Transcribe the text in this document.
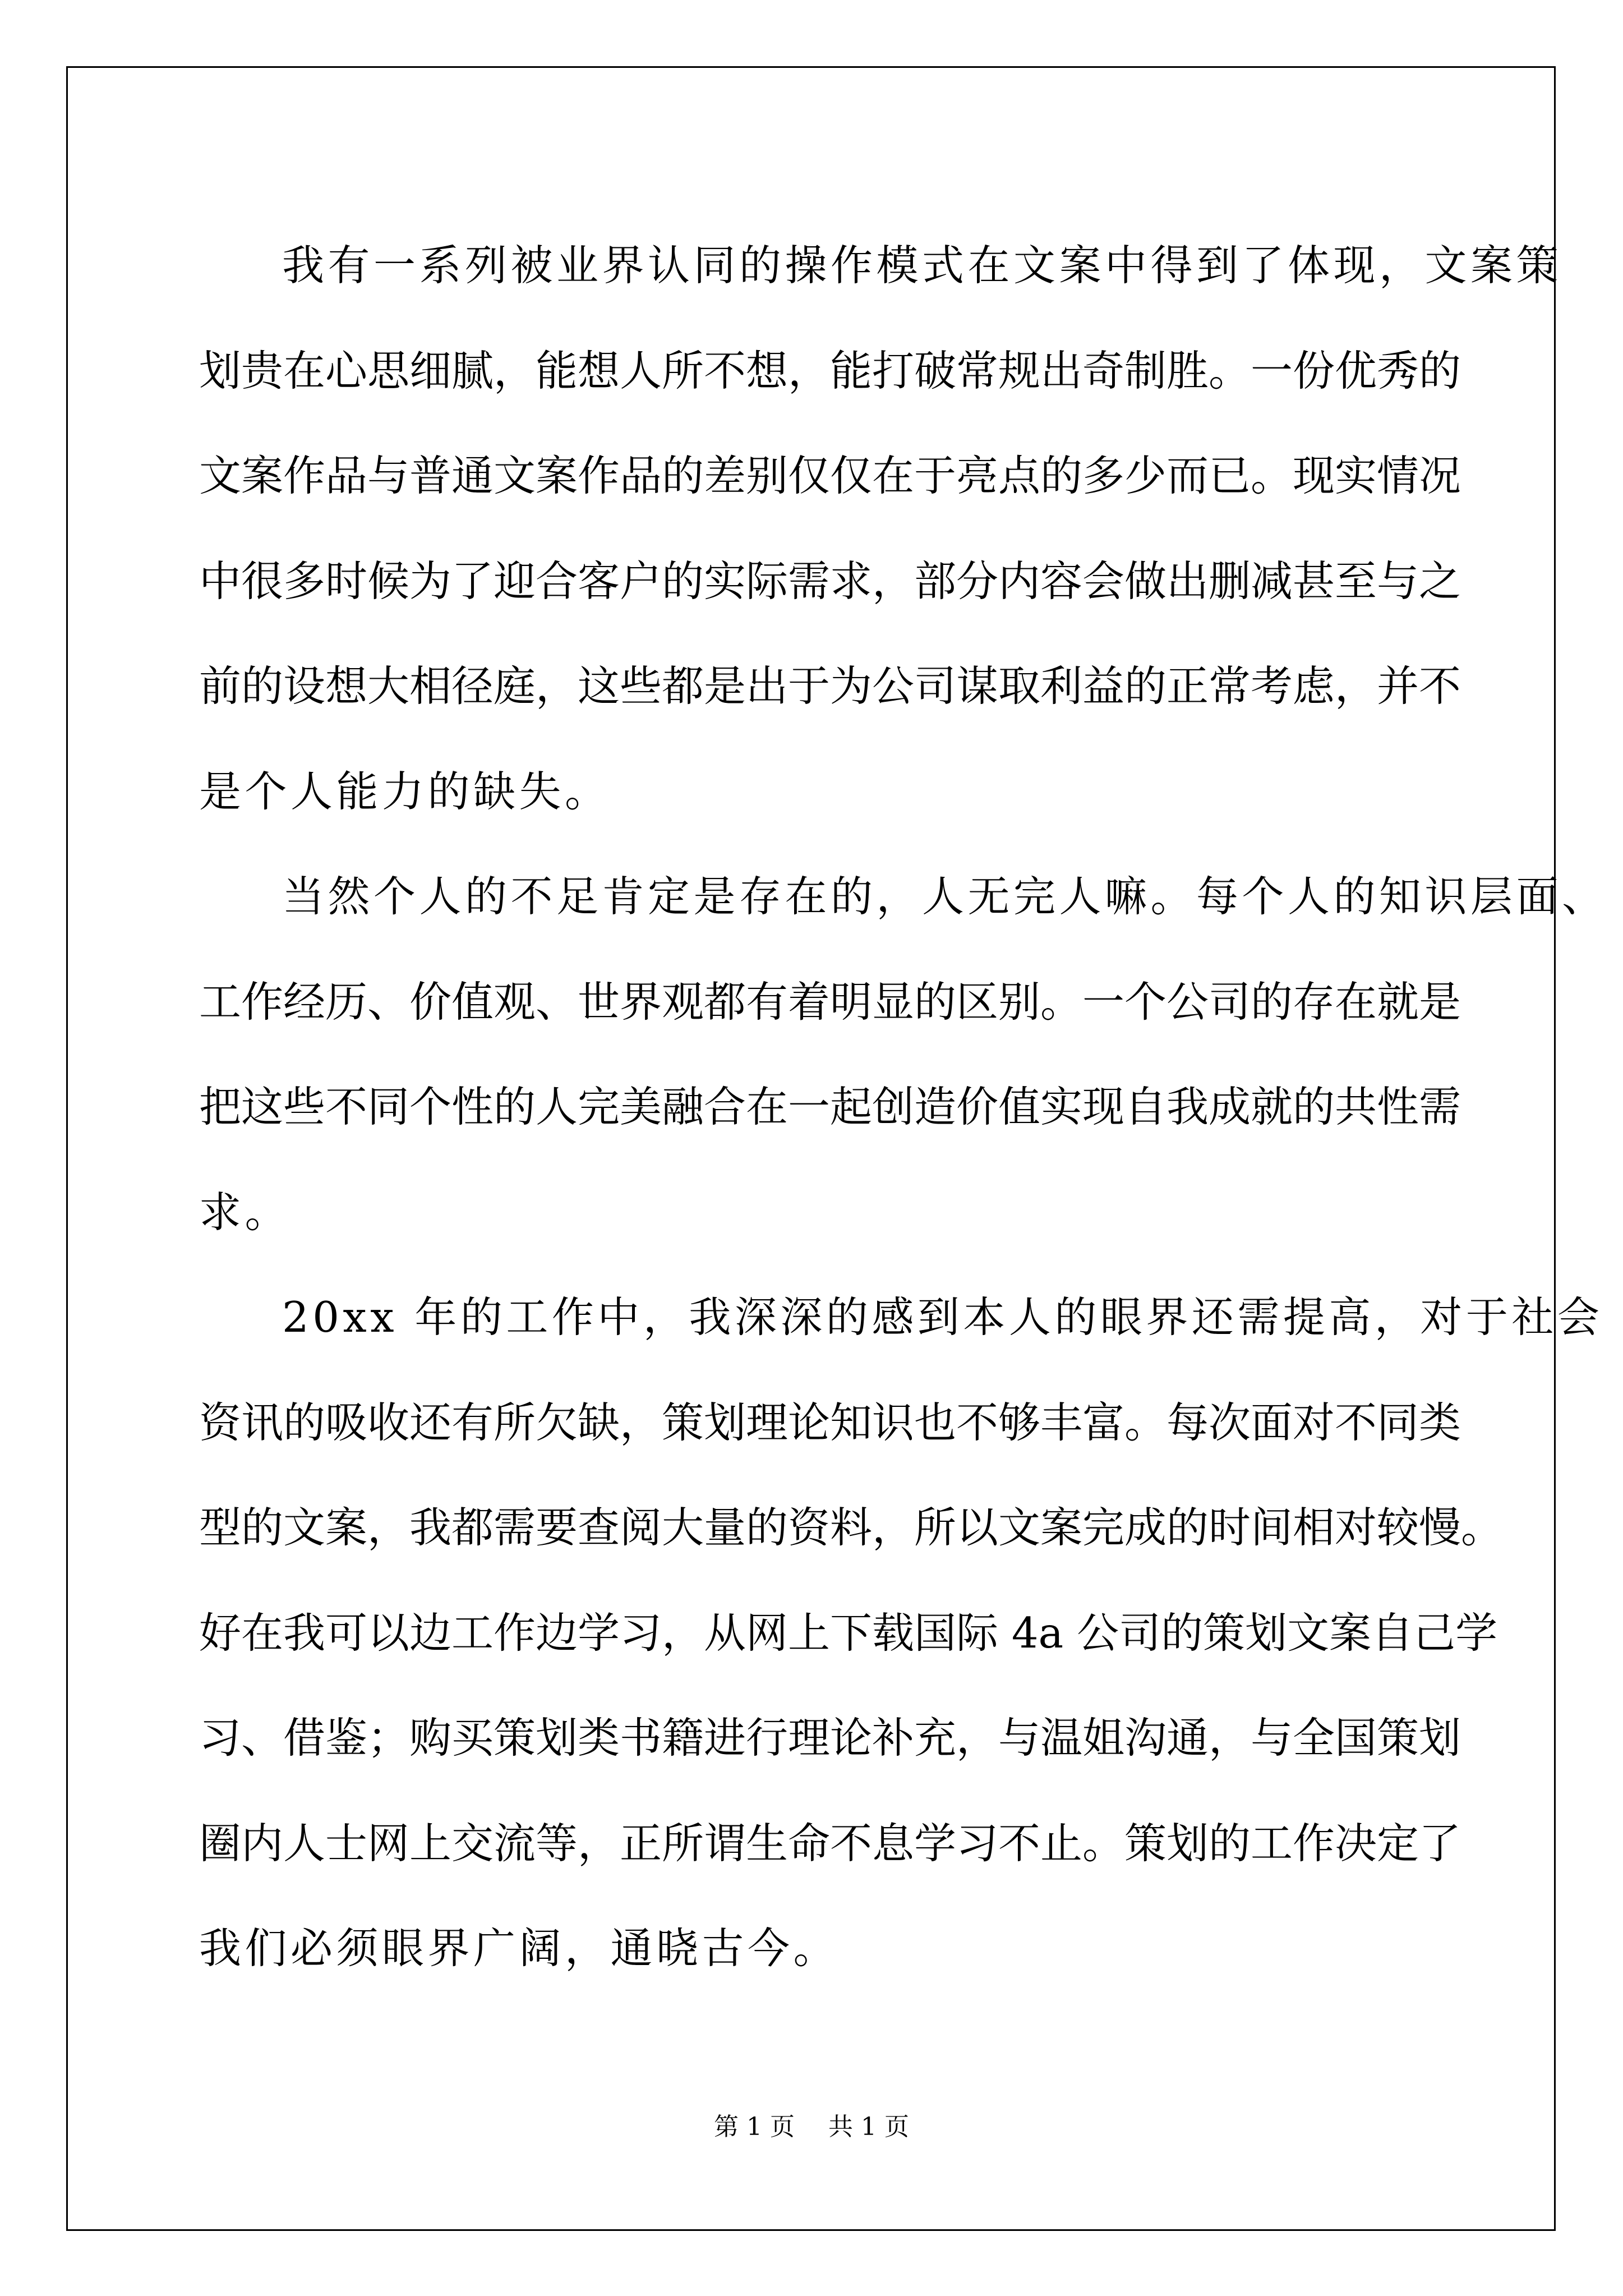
我有一系列被业界认同的操作模式在文案中得到了体现，文案策
划贵在心思细腻，能想人所不想，能打破常规出奇制胜。一份优秀的
文案作品与普通文案作品的差别仅仅在于亮点的多少而已。现实情况
中很多时候为了迎合客户的实际需求，部分内容会做出删减甚至与之
前的设想大相径庭，这些都是出于为公司谋取利益的正常考虑，并不
是个人能力的缺失。
当然个人的不足肯定是存在的，人无完人嘛。每个人的知识层面、
工作经历、价值观、世界观都有着明显的区别。一个公司的存在就是
把这些不同个性的人完美融合在一起创造价值实现自我成就的共性需
求。
20xx 年的工作中，我深深的感到本人的眼界还需提高，对于社会
资讯的吸收还有所欠缺，策划理论知识也不够丰富。每次面对不同类
型的文案，我都需要查阅大量的资料，所以文案完成的时间相对较慢。
好在我可以边工作边学习，从网上下载国际 4a 公司的策划文案自己学
习、借鉴；购买策划类书籍进行理论补充，与温姐沟通，与全国策划
圈内人士网上交流等，正所谓生命不息学习不止。策划的工作决定了
我们必须眼界广阔，通晓古今。
第 1 页 共 1 页
